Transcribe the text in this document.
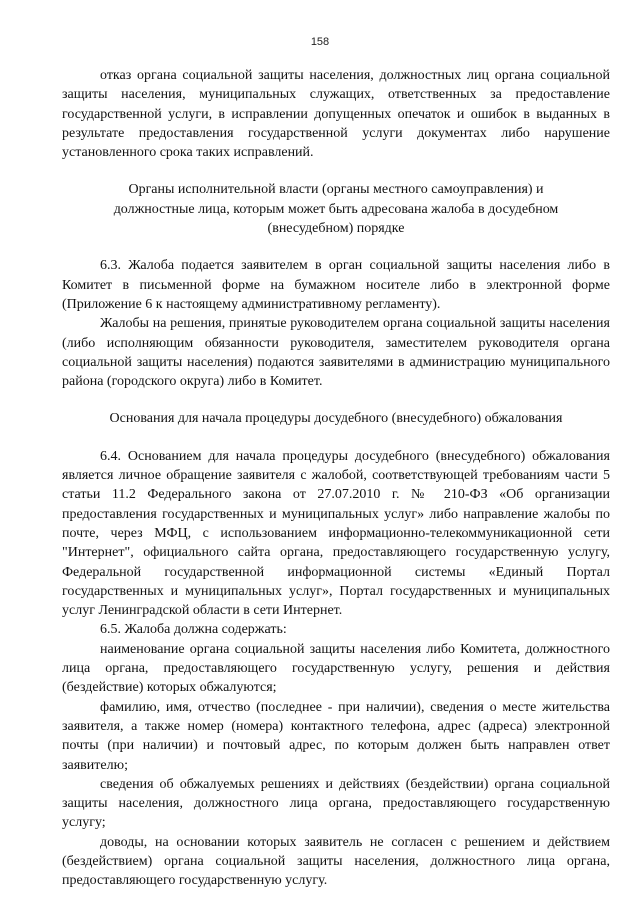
158

отказ органа социальной защиты населения, должностных лиц органа социальной защиты населения, муниципальных служащих, ответственных за предоставление государственной услуги, в исправлении допущенных опечаток и ошибок в выданных в результате предоставления государственной услуги документах либо нарушение установленного срока таких исправлений.

Органы исполнительной власти (органы местного самоуправления) и должностные лица, которым может быть адресована жалоба в досудебном (внесудебном) порядке

6.3. Жалоба подается заявителем в орган социальной защиты населения либо в Комитет в письменной форме на бумажном носителе либо в электронной форме (Приложение 6 к настоящему административному регламенту).

Жалобы на решения, принятые руководителем органа социальной защиты населения (либо исполняющим обязанности руководителя, заместителем руководителя органа социальной защиты населения) подаются заявителями в администрацию муниципального района (городского округа) либо в Комитет.

Основания для начала процедуры досудебного (внесудебного) обжалования

6.4. Основанием для начала процедуры досудебного (внесудебного) обжалования является личное обращение заявителя с жалобой, соответствующей требованиям части 5 статьи 11.2 Федерального закона от 27.07.2010 г. № 210-ФЗ «Об организации предоставления государственных и муниципальных услуг» либо направление жалобы по почте, через МФЦ, с использованием информационно-телекоммуникационной сети "Интернет", официального сайта органа, предоставляющего государственную услугу, Федеральной государственной информационной системы «Единый Портал государственных и муниципальных услуг», Портал государственных и муниципальных услуг Ленинградской области в сети Интернет.

6.5. Жалоба должна содержать:

наименование органа социальной защиты населения либо Комитета, должностного лица органа, предоставляющего государственную услугу, решения и действия (бездействие) которых обжалуются;

фамилию, имя, отчество (последнее - при наличии), сведения о месте жительства заявителя, а также номер (номера) контактного телефона, адрес (адреса) электронной почты (при наличии) и почтовый адрес, по которым должен быть направлен ответ заявителю;

сведения об обжалуемых решениях и действиях (бездействии) органа социальной защиты населения, должностного лица органа, предоставляющего государственную услугу;

доводы, на основании которых заявитель не согласен с решением и действием (бездействием) органа социальной защиты населения, должностного лица органа, предоставляющего государственную услугу.
